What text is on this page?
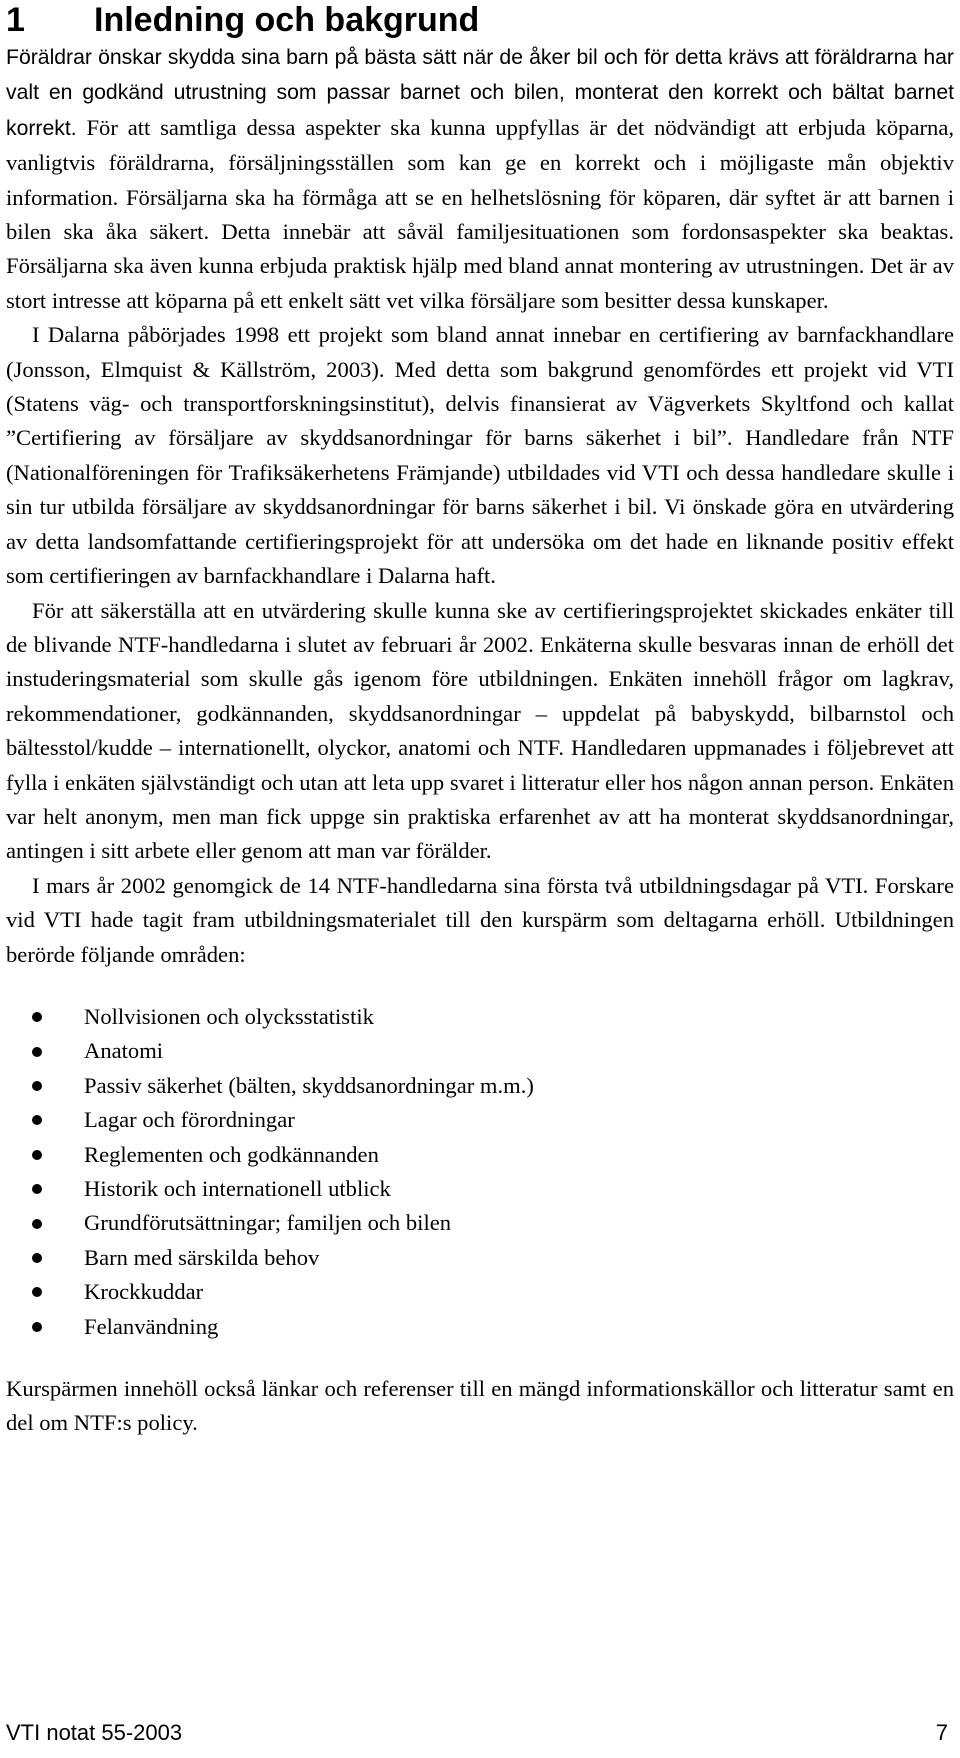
1	Inledning och bakgrund

Föräldrar önskar skydda sina barn på bästa sätt när de åker bil och för detta krävs att föräldrarna har valt en godkänd utrustning som passar barnet och bilen, monterat den korrekt och bältat barnet korrekt. För att samtliga dessa aspekter ska kunna uppfyllas är det nödvändigt att erbjuda köparna, vanligtvis föräldrarna, försäljningsställen som kan ge en korrekt och i möjligaste mån objektiv information. Försäljarna ska ha förmåga att se en helhetslösning för köparen, där syftet är att barnen i bilen ska åka säkert. Detta innebär att såväl familjesituationen som fordonsaspekter ska beaktas. Försäljarna ska även kunna erbjuda praktisk hjälp med bland annat montering av utrustningen. Det är av stort intresse att köparna på ett enkelt sätt vet vilka försäljare som besitter dessa kunskaper.

I Dalarna påbörjades 1998 ett projekt som bland annat innebar en certifiering av barnfackhandlare (Jonsson, Elmquist & Källström, 2003). Med detta som bakgrund genomfördes ett projekt vid VTI (Statens väg- och transportforskningsinstitut), delvis finansierat av Vägverkets Skyltfond och kallat ”Certifiering av försäljare av skyddsanordningar för barns säkerhet i bil”. Handledare från NTF (Nationalföreningen för Trafiksäkerhetens Främjande) utbildades vid VTI och dessa handledare skulle i sin tur utbilda försäljare av skyddsanordningar för barns säkerhet i bil. Vi önskade göra en utvärdering av detta landsomfattande certifieringsprojekt för att undersöka om det hade en liknande positiv effekt som certifieringen av barnfackhandlare i Dalarna haft.

För att säkerställa att en utvärdering skulle kunna ske av certifieringsprojektet skickades enkäter till de blivande NTF-handledarna i slutet av februari år 2002. Enkäterna skulle besvaras innan de erhöll det instuderingsmaterial som skulle gås igenom före utbildningen. Enkäten innehöll frågor om lagkrav, rekommendationer, godkännanden, skyddsanordningar – uppdelat på babyskydd, bilbarnstol och bältesstol/kudde – internationellt, olyckor, anatomi och NTF. Handledaren uppmanades i följebrevet att fylla i enkäten självständigt och utan att leta upp svaret i litteratur eller hos någon annan person. Enkäten var helt anonym, men man fick uppge sin praktiska erfarenhet av att ha monterat skyddsanordningar, antingen i sitt arbete eller genom att man var förälder.

I mars år 2002 genomgick de 14 NTF-handledarna sina första två utbildningsdagar på VTI. Forskare vid VTI hade tagit fram utbildningsmaterialet till den kurspärm som deltagarna erhöll. Utbildningen berörde följande områden:

Nollvisionen och olycksstatistik
Anatomi
Passiv säkerhet (bälten, skyddsanordningar m.m.)
Lagar och förordningar
Reglementen och godkännanden
Historik och internationell utblick
Grundförutsättningar; familjen och bilen
Barn med särskilda behov
Krockkuddar
Felanvändning

Kurspärmen innehöll också länkar och referenser till en mängd informationskällor och litteratur samt en del om NTF:s policy.

VTI notat 55-2003	7
